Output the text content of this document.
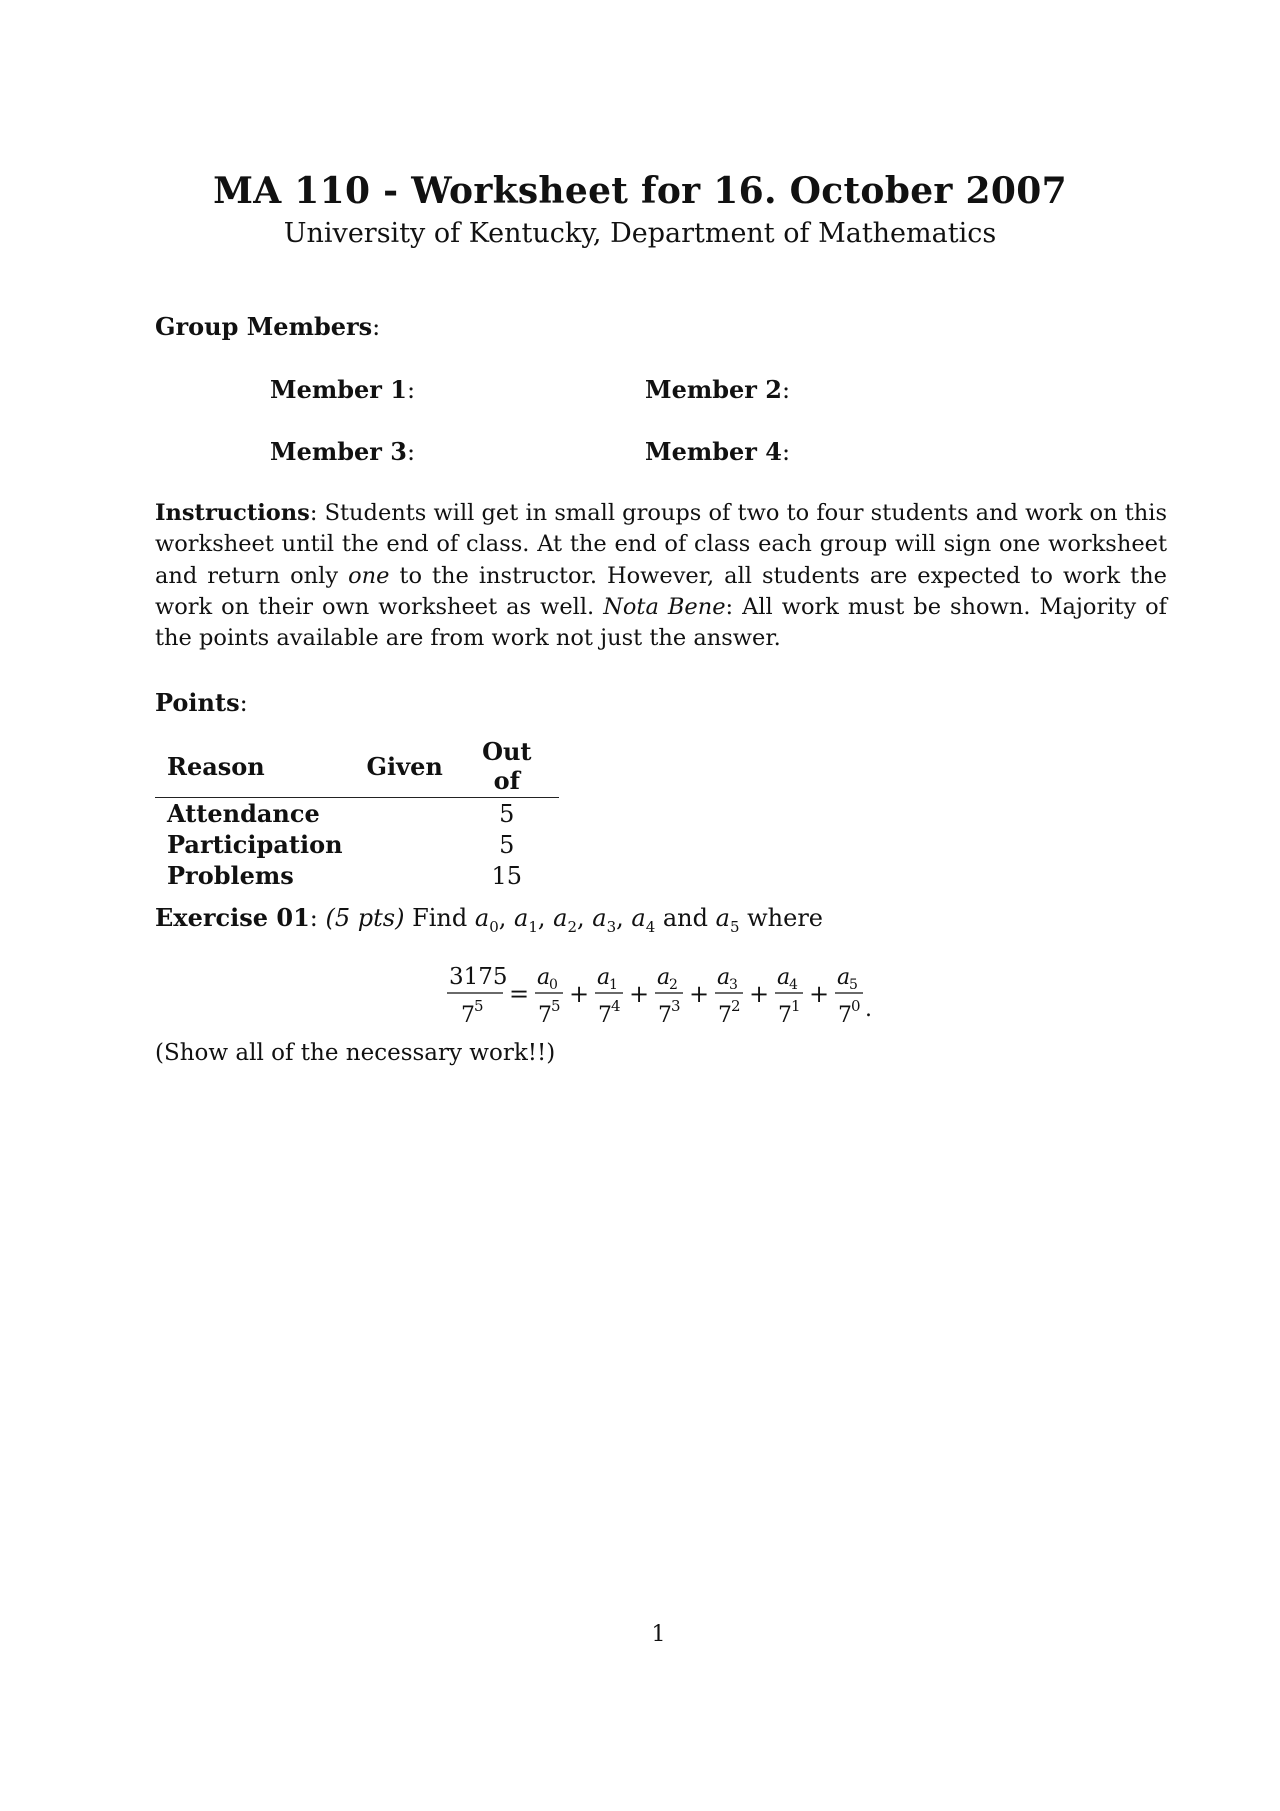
MA 110 - Worksheet for 16. October 2007
University of Kentucky, Department of Mathematics
Group Members:
Member 1:	Member 2:
Member 3:	Member 4:
Instructions: Students will get in small groups of two to four students and work on this worksheet until the end of class. At the end of class each group will sign one worksheet and return only one to the instructor. However, all students are expected to work the work on their own worksheet as well. Nota Bene: All work must be shown. Majority of the points available are from work not just the answer.
Points:
Reason	Given	Out of
Attendance		5
Participation		5
Problems		15
Exercise 01: (5 pts) Find $a_0$, $a_1$, $a_2$, $a_3$, $a_4$ and $a_5$ where
3175
7 5 =
a
0
7 5 +
a
1
7 4 +
a
2
7 3 +
a
3
7 2 +
a
4
7 1 +
a
5
7 0 .
(Show all of the necessary work!!)
1
